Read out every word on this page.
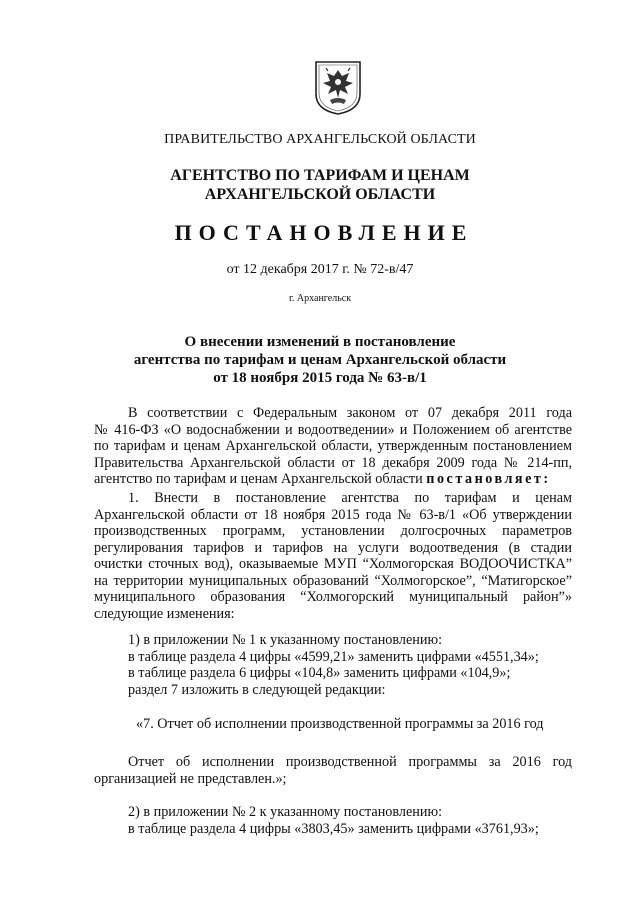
ПРАВИТЕЛЬСТВО АРХАНГЕЛЬСКОЙ ОБЛАСТИ
АГЕНТСТВО ПО ТАРИФАМ И ЦЕНАМ
АРХАНГЕЛЬСКОЙ ОБЛАСТИ
ПОСТАНОВЛЕНИЕ
от 12 декабря 2017 г. № 72-в/47
г. Архангельск
О внесении изменений в постановление
агентства по тарифам и ценам Архангельской области
от 18 ноября 2015 года № 63-в/1

В соответствии с Федеральным законом от 07 декабря 2011 года

№ 416-ФЗ «О водоснабжении и водоотведении» и Положением об агентстве

по тарифам и ценам Архангельской области, утвержденным постановлением

Правительства Архангельской области от 18 декабря 2009 года № 214-пп,

агентство по тарифам и ценам Архангельской области постановляет:

1. Внести в постановление агентства по тарифам и ценам

Архангельской области от 18 ноября 2015 года № 63-в/1 «Об утверждении

производственных программ, установлении долгосрочных параметров

регулирования тарифов и тарифов на услуги водоотведения (в стадии

очистки сточных вод), оказываемые МУП “Холмогорская ВОДООЧИСТКА”

на территории муниципальных образований “Холмогорское”, “Матигорское”

муниципального образования “Холмогорский муниципальный район”»

следующие изменения:

1) в приложении № 1 к указанному постановлению:

в таблице раздела 4 цифры «4599,21» заменить цифрами «4551,34»;

в таблице раздела 6 цифры «104,8» заменить цифрами «104,9»;

раздел 7 изложить в следующей редакции:

«7. Отчет об исполнении производственной программы за 2016 год

Отчет об исполнении производственной программы за 2016 год

организацией не представлен.»;

2) в приложении № 2 к указанному постановлению:

в таблице раздела 4 цифры «3803,45» заменить цифрами «3761,93»;
